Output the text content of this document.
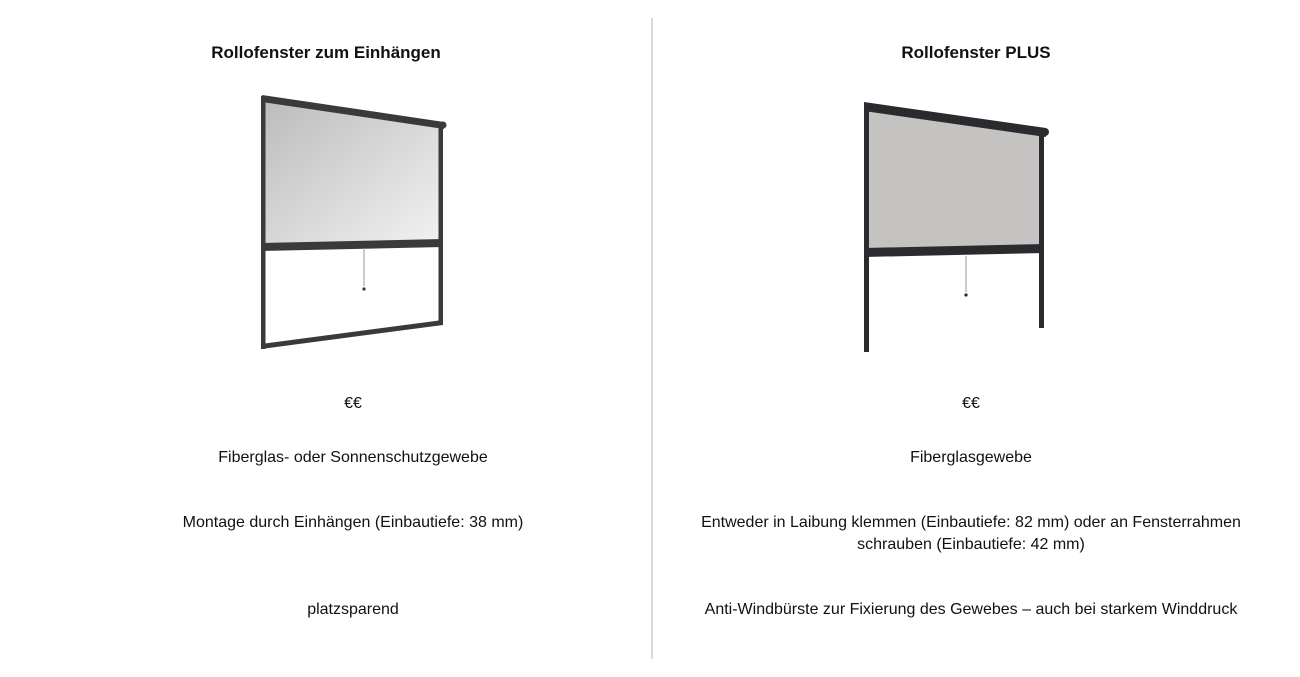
Rollofenster zum Einhängen
€€
Fiberglas- oder Sonnenschutzgewebe
Montage durch Einhängen (Einbautiefe: 38 mm)
platzsparend
Rollofenster PLUS
€€
Fiberglasgewebe
Entweder in Laibung klemmen (Einbautiefe: 82 mm) oder an Fensterrahmen schrauben (Einbautiefe: 42 mm)
Anti-Windbürste zur Fixierung des Gewebes – auch bei starkem Winddruck
